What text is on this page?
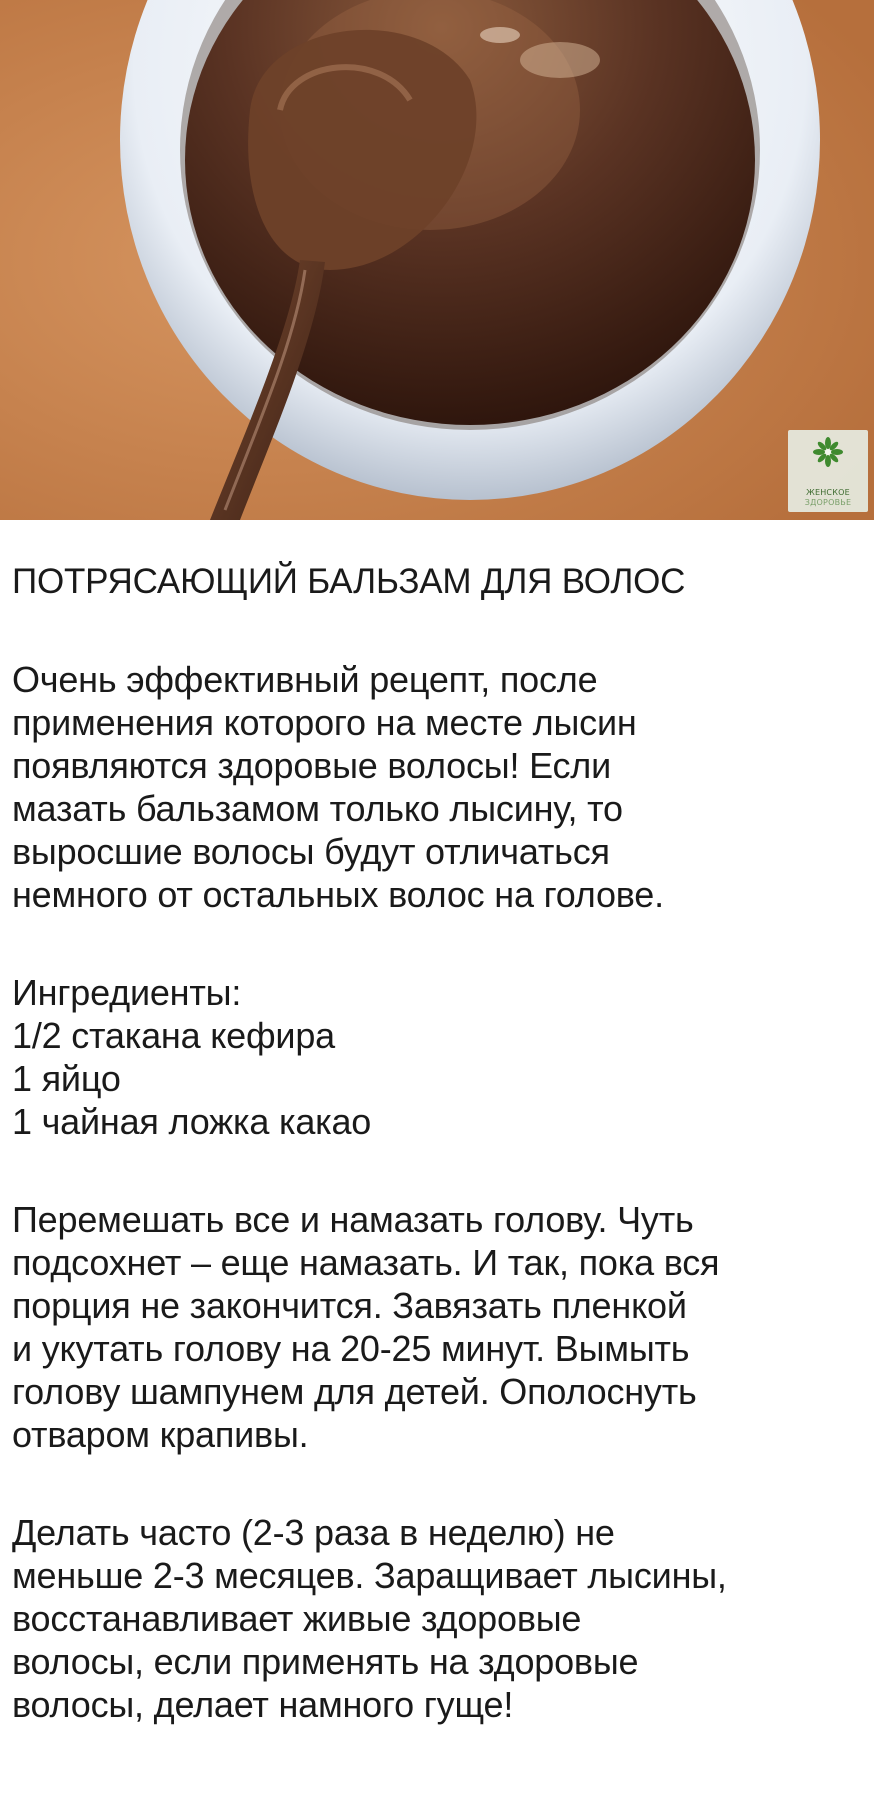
ЖЕНСКОЕ
ЗДОРОВЬЕ
ПОТРЯСАЮЩИЙ БАЛЬЗАМ ДЛЯ ВОЛОС

Очень эффективный рецепт, после
применения которого на месте лысин
появляются здоровые волосы! Если
мазать бальзамом только лысину, то
выросшие волосы будут отличаться
немного от остальных волос на голове.

Ингредиенты:
1/2 стакана кефира
1 яйцо
1 чайная ложка какао

Перемешать все и намазать голову. Чуть
подсохнет – еще намазать. И так, пока вся
порция не закончится. Завязать пленкой
и укутать голову на 20-25 минут. Вымыть
голову шампунем для детей. Ополоснуть
отваром крапивы.

Делать часто (2-3 раза в неделю) не
меньше 2-3 месяцев. Заращивает лысины,
восстанавливает живые здоровые
волосы, если применять на здоровые
волосы, делает намного гуще!
